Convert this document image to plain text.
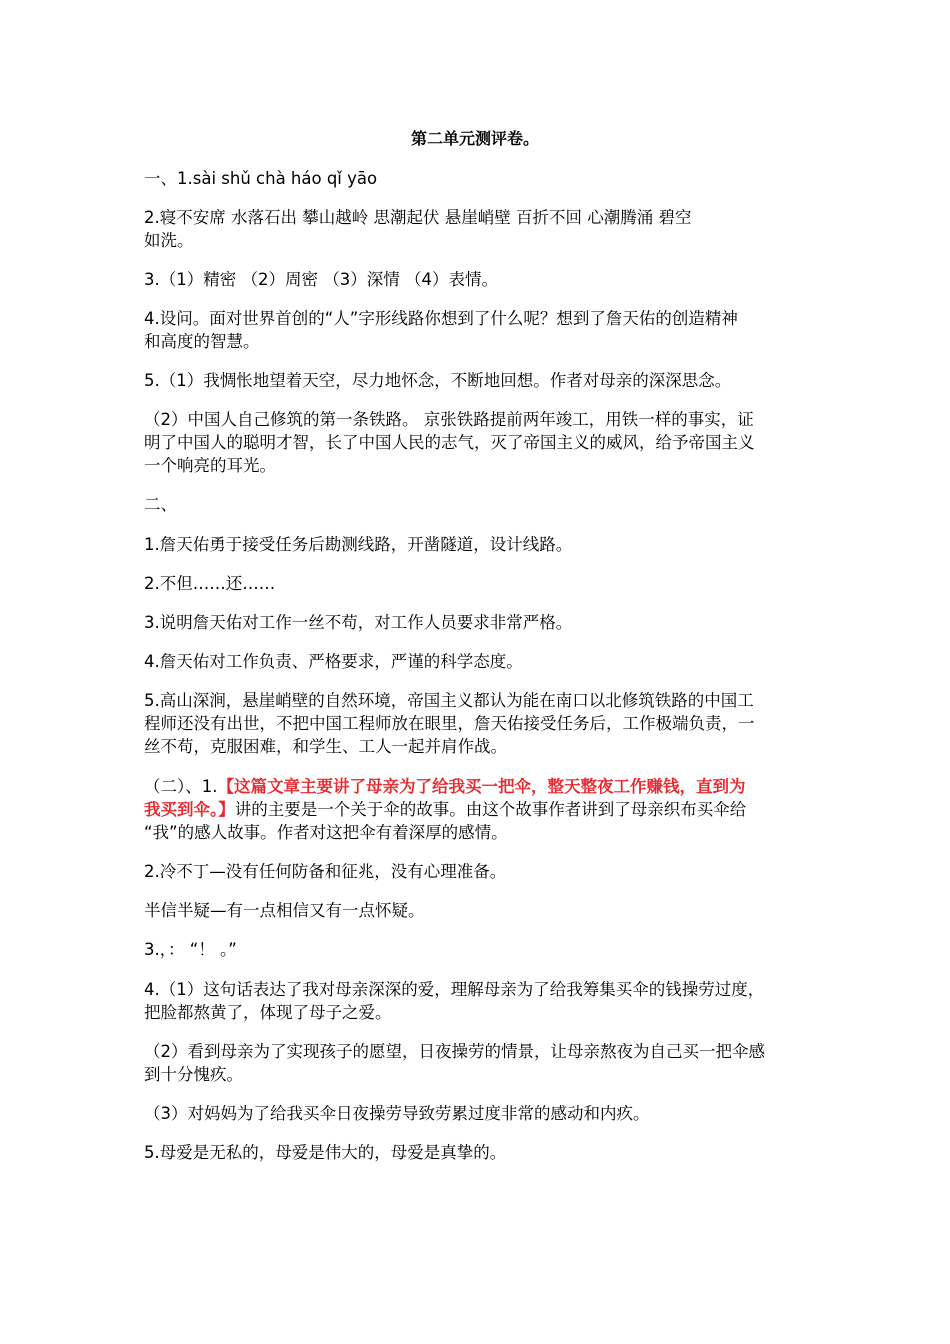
第二单元测评卷。
一、1.sài shǔ chà háo qǐ yāo
2.寝不安席 水落石出 攀山越岭 思潮起伏 悬崖峭壁 百折不回 心潮腾涌 碧空
如洗。
3.（1）精密 （2）周密 （3）深情 （4）表情。
4.设问。面对世界首创的“人”字形线路你想到了什么呢？想到了詹天佑的创造精神
和高度的智慧。
5.（1）我惆怅地望着天空，尽力地怀念，不断地回想。作者对母亲的深深思念。
（2）中国人自己修筑的第一条铁路。 京张铁路提前两年竣工，用铁一样的事实，证
明了中国人的聪明才智，长了中国人民的志气，灭了帝国主义的威风，给予帝国主义
一个响亮的耳光。
二、
1.詹天佑勇于接受任务后勘测线路，开凿隧道，设计线路。
2.不但……还……
3.说明詹天佑对工作一丝不苟，对工作人员要求非常严格。
4.詹天佑对工作负责、严格要求，严谨的科学态度。
5.高山深涧，悬崖峭壁的自然环境，帝国主义都认为能在南口以北修筑铁路的中国工
程师还没有出世，不把中国工程师放在眼里，詹天佑接受任务后，工作极端负责，一
丝不苟，克服困难，和学生、工人一起并肩作战。
（二）、1.【这篇文章主要讲了母亲为了给我买一把伞，整天整夜工作赚钱，直到为
我买到伞。】讲的主要是一个关于伞的故事。由这个故事作者讲到了母亲织布买伞给
“我”的感人故事。作者对这把伞有着深厚的感情。
2.冷不丁—没有任何防备和征兆，没有心理准备。
半信半疑—有一点相信又有一点怀疑。
3.，： “！ 。”
4.（1）这句话表达了我对母亲深深的爱，理解母亲为了给我筹集买伞的钱操劳过度，
把脸都熬黄了，体现了母子之爱。
（2）看到母亲为了实现孩子的愿望，日夜操劳的情景，让母亲熬夜为自己买一把伞感
到十分愧疚。
（3）对妈妈为了给我买伞日夜操劳导致劳累过度非常的感动和内疚。
5.母爱是无私的，母爱是伟大的，母爱是真挚的。
